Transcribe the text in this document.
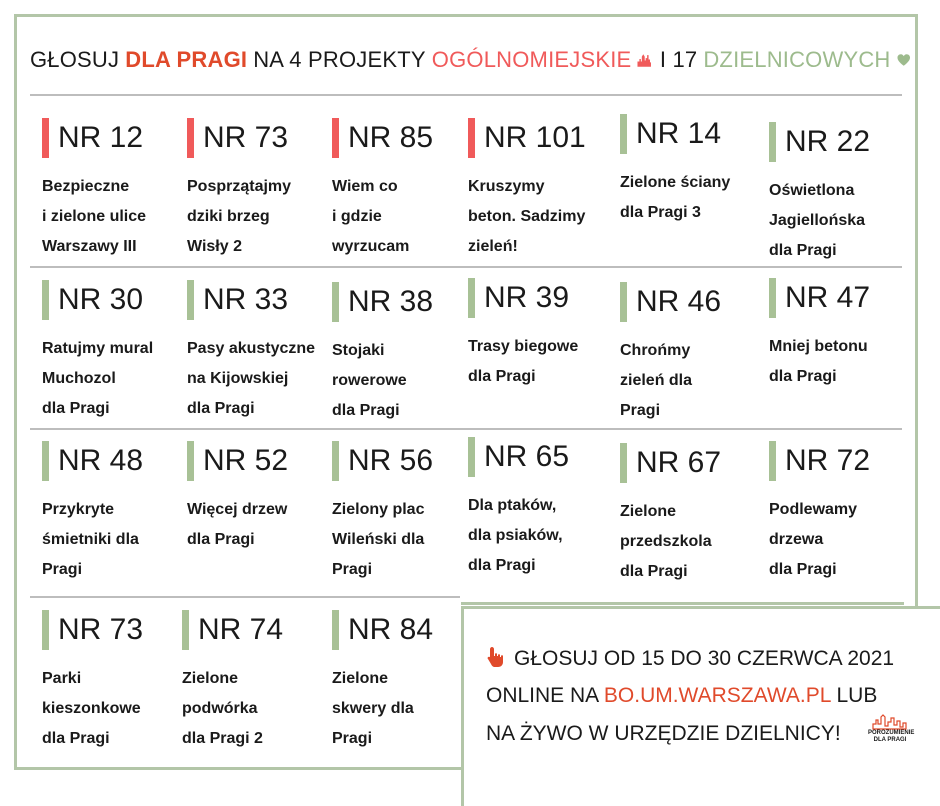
GŁOSUJ DLA PRAGI NA 4 PROJEKTY OGÓLNOMIEJSKIE I 17 DZIELNICOWYCH
NR 12
Bezpieczne
i zielone ulice
Warszawy III
NR 73
Posprzątajmy
dziki brzeg
Wisły 2
NR 85
Wiem co
i gdzie
wyrzucam
NR 101
Kruszymy
beton. Sadzimy
zieleń!
NR 14
Zielone ściany
dla Pragi 3
NR 22
Oświetlona
Jagiellońska
dla Pragi
NR 30
Ratujmy mural
Muchozol
dla Pragi
NR 33
Pasy akustyczne
na Kijowskiej
dla Pragi
NR 38
Stojaki
rowerowe
dla Pragi
NR 39
Trasy biegowe
dla Pragi
NR 46
Chrońmy
zieleń dla
Pragi
NR 47
Mniej betonu
dla Pragi
NR 48
Przykryte
śmietniki dla
Pragi
NR 52
Więcej drzew
dla Pragi
NR 56
Zielony plac
Wileński dla
Pragi
NR 65
Dla ptaków,
dla psiaków,
dla Pragi
NR 67
Zielone
przedszkola
dla Pragi
NR 72
Podlewamy
drzewa
dla Pragi
NR 73
Parki
kieszonkowe
dla Pragi
NR 74
Zielone
podwórka
dla Pragi 2
NR 84
Zielone
skwery dla
Pragi
GŁOSUJ OD 15 DO 30 CZERWCA 2021
ONLINE NA BO.UM.WARSZAWA.PL LUB
NA ŻYWO W URZĘDZIE DZIELNICY!	POROZUMIENIE
DLA PRAGI
